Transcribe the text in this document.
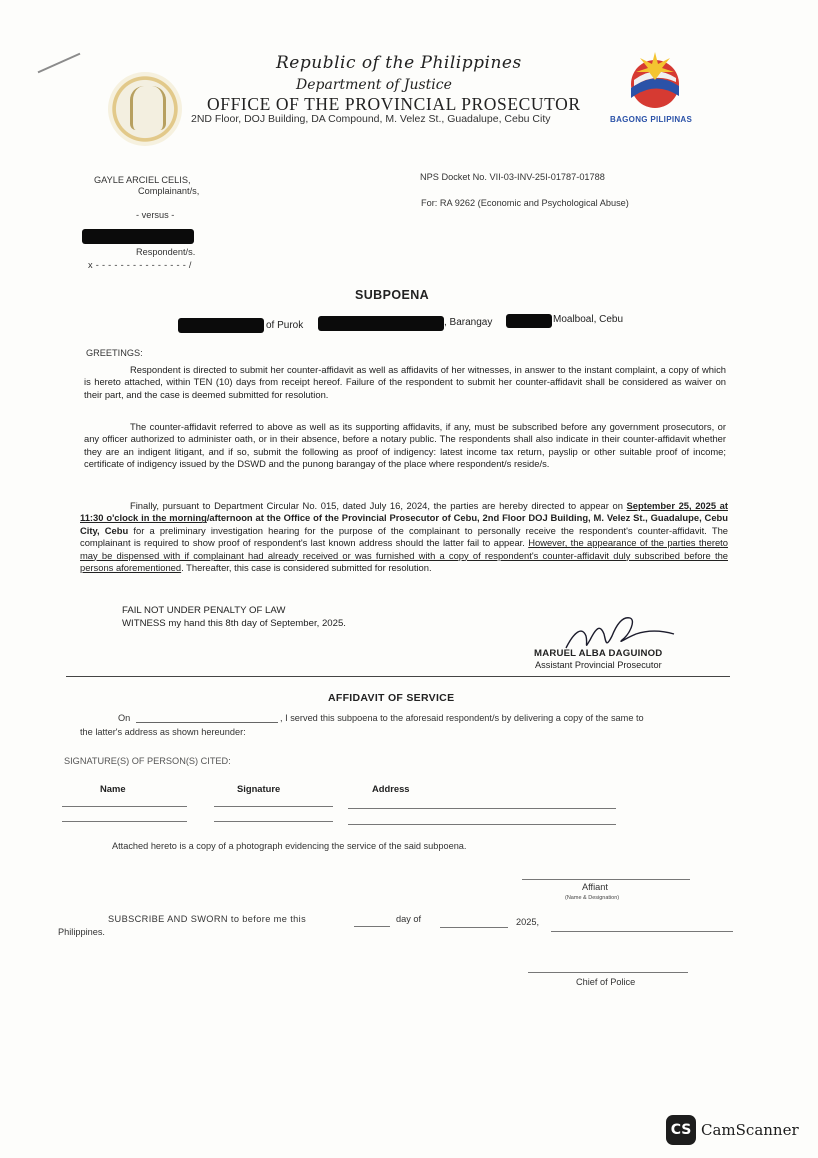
BAGONG PILIPINAS
Republic of the Philippines
Department of Justice
OFFICE OF THE PROVINCIAL PROSECUTOR
2ND Floor, DOJ Building, DA Compound, M. Velez St., Guadalupe, Cebu City
GAYLE ARCIEL CELIS,
Complainant/s,
- versus -
Respondent/s.
x - - - - - - - - - - - - - - - /
NPS Docket No. VII-03-INV-25I-01787-01788
For: RA 9262 (Economic and Psychological Abuse)
SUBPOENA
of Purok	, Barangay	Moalboal, Cebu
GREETINGS:
Respondent is directed to submit her counter-affidavit as well as affidavits of her witnesses, in answer to the instant complaint, a copy of which is hereto attached, within TEN (10) days from receipt hereof. Failure of the respondent to submit her counter-affidavit shall be considered as waiver on their part, and the case is deemed submitted for resolution.
The counter-affidavit referred to above as well as its supporting affidavits, if any, must be subscribed before any government prosecutors, or any officer authorized to administer oath, or in their absence, before a notary public. The respondents shall also indicate in their counter-affidavit whether they are an indigent litigant, and if so, submit the following as proof of indigency: latest income tax return, payslip or other suitable proof of income; certificate of indigency issued by the DSWD and the punong barangay of the place where respondent/s reside/s.
Finally, pursuant to Department Circular No. 015, dated July 16, 2024, the parties are hereby directed to appear on September 25, 2025 at 11:30 o'clock in the morning/afternoon at the Office of the Provincial Prosecutor of Cebu, 2nd Floor DOJ Building, M. Velez St., Guadalupe, Cebu City, Cebu for a preliminary investigation hearing for the purpose of the complainant to personally receive the respondent's counter-affidavit. The complainant is required to show proof of respondent's last known address should the latter fail to appear. However, the appearance of the parties thereto may be dispensed with if complainant had already received or was furnished with a copy of respondent's counter-affidavit duly subscribed before the persons aforementioned. Thereafter, this case is considered submitted for resolution.
FAIL NOT UNDER PENALTY OF LAW
WITNESS my hand this 8th day of September, 2025.
MARUEL ALBA DAGUINOD
Assistant Provincial Prosecutor
AFFIDAVIT OF SERVICE
On	, I served this subpoena to the aforesaid respondent/s by delivering a copy of the same to
the latter's address as shown hereunder:
SIGNATURE(S) OF PERSON(S) CITED:
Name	Signature	Address
Attached hereto is a copy of a photograph evidencing the service of the said subpoena.
Affiant
(Name & Designation)
SUBSCRIBE AND SWORN to before me this	day of	2025,
Philippines.
Chief of Police
CS CamScanner
